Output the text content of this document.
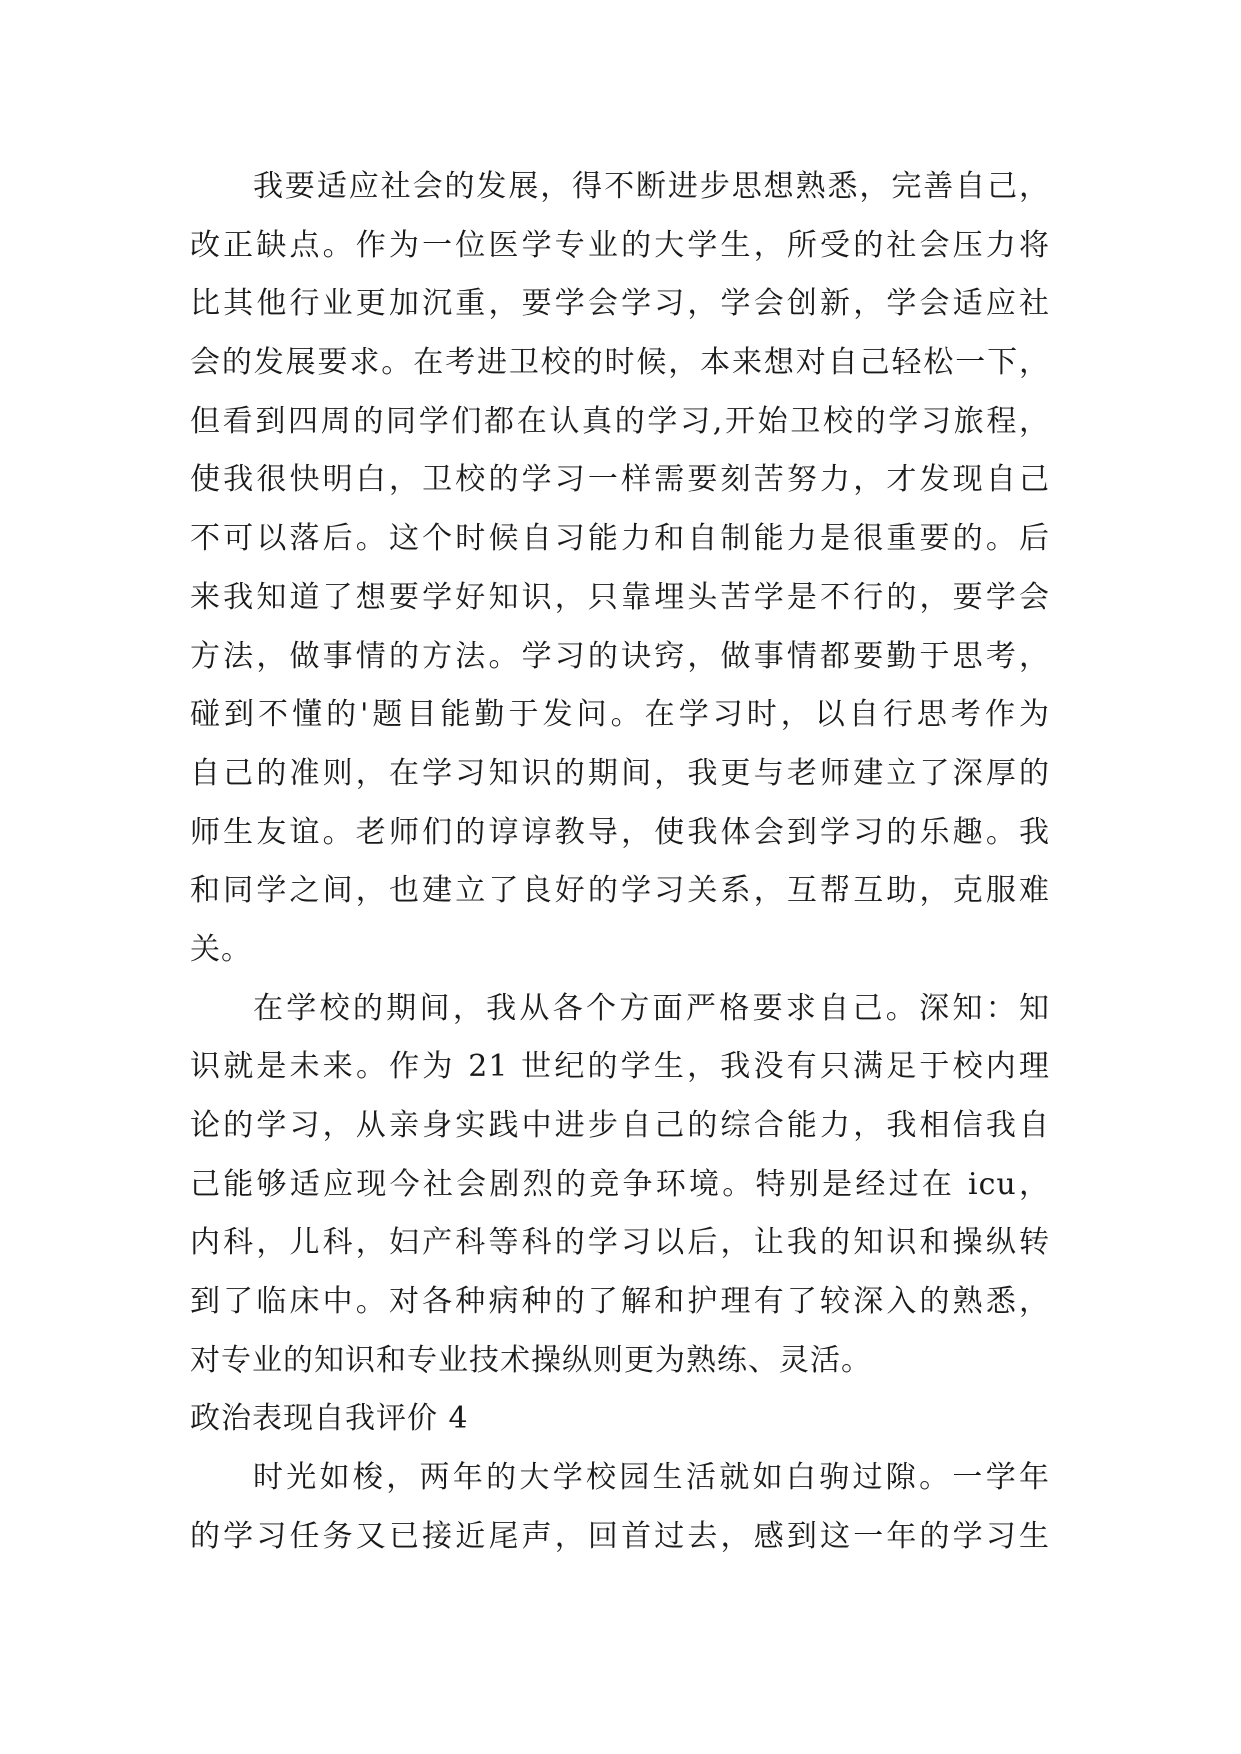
我要适应社会的发展，得不断进步思想熟悉，完善自己，
改正缺点。作为一位医学专业的大学生，所受的社会压力将
比其他行业更加沉重，要学会学习，学会创新，学会适应社
会的发展要求。在考进卫校的时候，本来想对自己轻松一下，
但看到四周的同学们都在认真的学习,开始卫校的学习旅程，
使我很快明白，卫校的学习一样需要刻苦努力，才发现自己
不可以落后。这个时候自习能力和自制能力是很重要的。后
来我知道了想要学好知识，只靠埋头苦学是不行的，要学会
方法，做事情的方法。学习的诀窍，做事情都要勤于思考，
碰到不懂的'题目能勤于发问。在学习时，以自行思考作为
自己的准则，在学习知识的期间，我更与老师建立了深厚的
师生友谊。老师们的谆谆教导，使我体会到学习的乐趣。我
和同学之间，也建立了良好的学习关系，互帮互助，克服难
关。
在学校的期间，我从各个方面严格要求自己。深知：知
识就是未来。作为 21 世纪的学生，我没有只满足于校内理
论的学习，从亲身实践中进步自己的综合能力，我相信我自
己能够适应现今社会剧烈的竞争环境。特别是经过在 icu，
内科，儿科，妇产科等科的学习以后，让我的知识和操纵转
到了临床中。对各种病种的了解和护理有了较深入的熟悉，
对专业的知识和专业技术操纵则更为熟练、灵活。
政治表现自我评价 4
时光如梭，两年的大学校园生活就如白驹过隙。一学年
的学习任务又已接近尾声，回首过去，感到这一年的学习生
